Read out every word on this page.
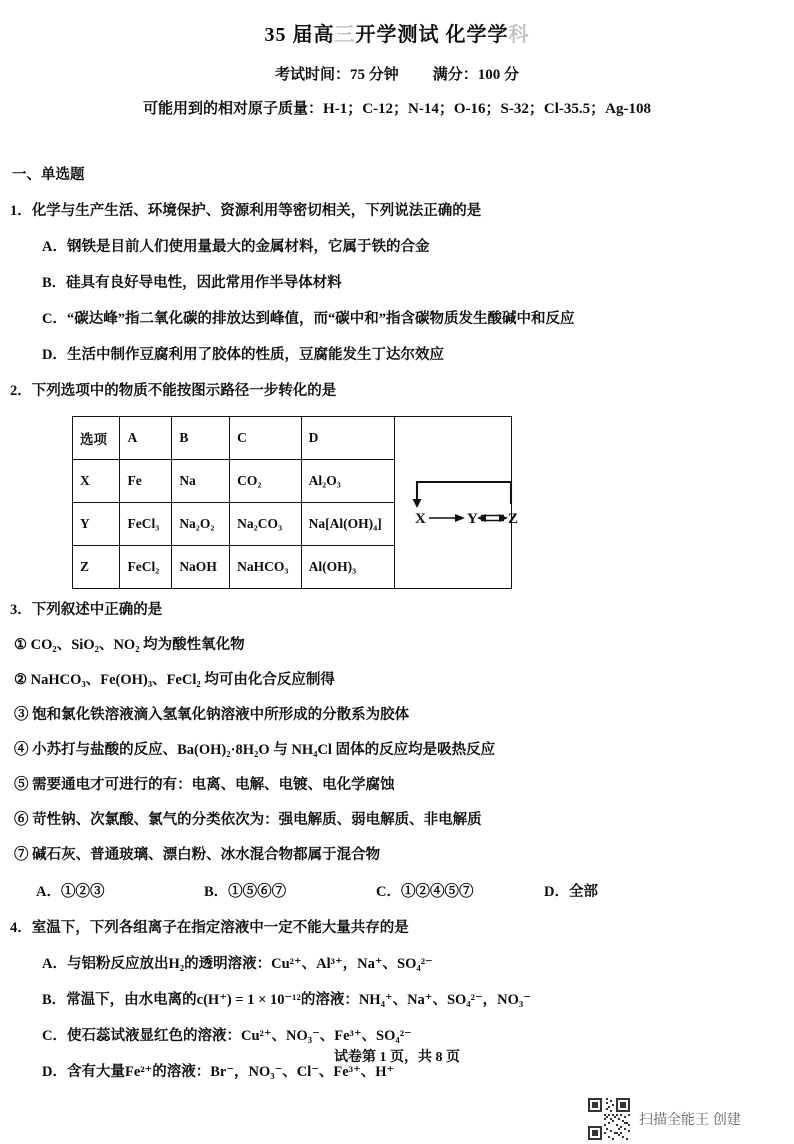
35 届高三开学测试 化学学科
考试时间：75 分钟 满分：100 分
可能用到的相对原子质量：H-1；C-12；N-14；O-16；S-32；Cl-35.5；Ag-108
一、单选题
1．化学与生产生活、环境保护、资源利用等密切相关，下列说法正确的是
A．钢铁是目前人们使用量最大的金属材料，它属于铁的合金
B．硅具有良好导电性，因此常用作半导体材料
C．“碳达峰”指二氧化碳的排放达到峰值，而“碳中和”指含碳物质发生酸碱中和反应
D．生活中制作豆腐利用了胶体的性质，豆腐能发生丁达尔效应
2．下列选项中的物质不能按图示路径一步转化的是
选项	A	B	C	D
X	Fe	Na	CO₂	Al₂O₃
Y	FeCl₃	Na₂O₂	Na₂CO₃	Na[Al(OH)₄]
Z	FeCl₂	NaOH	NaHCO₃	Al(OH)₃
X	Y Z
3．下列叙述中正确的是
① CO₂、SiO₂、NO₂ 均为酸性氧化物
② NaHCO₃、Fe(OH)₃、FeCl₂ 均可由化合反应制得
③ 饱和氯化铁溶液滴入氢氧化钠溶液中所形成的分散系为胶体
④ 小苏打与盐酸的反应、Ba(OH)₂·8H₂O 与 NH₄Cl 固体的反应均是吸热反应
⑤ 需要通电才可进行的有：电离、电解、电镀、电化学腐蚀
⑥ 苛性钠、次氯酸、氯气的分类依次为：强电解质、弱电解质、非电解质
⑦ 碱石灰、普通玻璃、漂白粉、冰水混合物都属于混合物
A．①②③	B．①⑤⑥⑦	C．①②④⑤⑦	D．全部
4．室温下，下列各组离子在指定溶液中一定不能大量共存的是
A．与铝粉反应放出H₂的透明溶液：Cu²⁺、Al³⁺，Na⁺、SO₄²⁻
B．常温下，由水电离的c(H⁺) = 1 × 10⁻¹²的溶液：NH₄⁺、Na⁺、SO₄²⁻，NO₃⁻
C．使石蕊试液显红色的溶液：Cu²⁺、NO₃⁻、Fe³⁺、SO₄²⁻
D．含有大量Fe²⁺的溶液：Br⁻，NO₃⁻、Cl⁻、Fe³⁺、H⁺
试卷第 1 页，共 8 页
扫描全能王 创建
